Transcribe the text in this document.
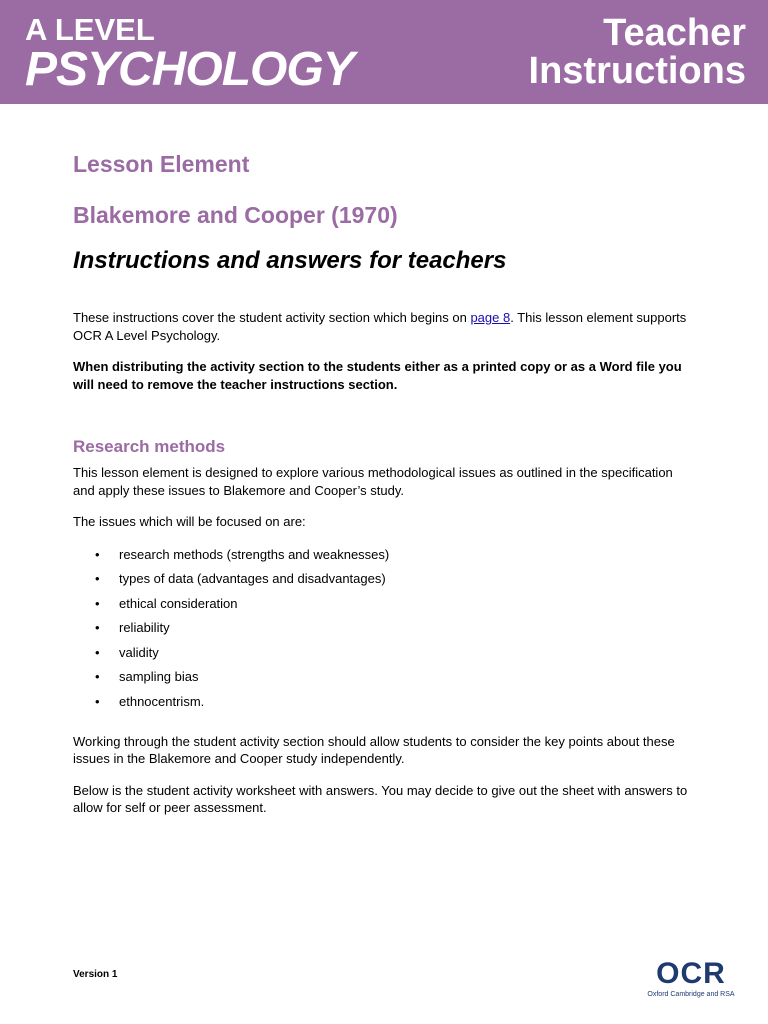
A LEVEL
PSYCHOLOGY
Teacher
Instructions
Lesson Element
Blakemore and Cooper (1970)
Instructions and answers for teachers

These instructions cover the student activity section which begins on page 8. This lesson element supports OCR A Level Psychology.

When distributing the activity section to the students either as a printed copy or as a Word file you will need to remove the teacher instructions section.

Research methods

This lesson element is designed to explore various methodological issues as outlined in the specification and apply these issues to Blakemore and Cooper’s study.

The issues which will be focused on are:

• research methods (strengths and weaknesses)
• types of data (advantages and disadvantages)
• ethical consideration
• reliability
• validity
• sampling bias
• ethnocentrism.

Working through the student activity section should allow students to consider the key points about these issues in the Blakemore and Cooper study independently.

Below is the student activity worksheet with answers. You may decide to give out the sheet with answers to allow for self or peer assessment.

Version 1	OCR
Oxford Cambridge and RSA
